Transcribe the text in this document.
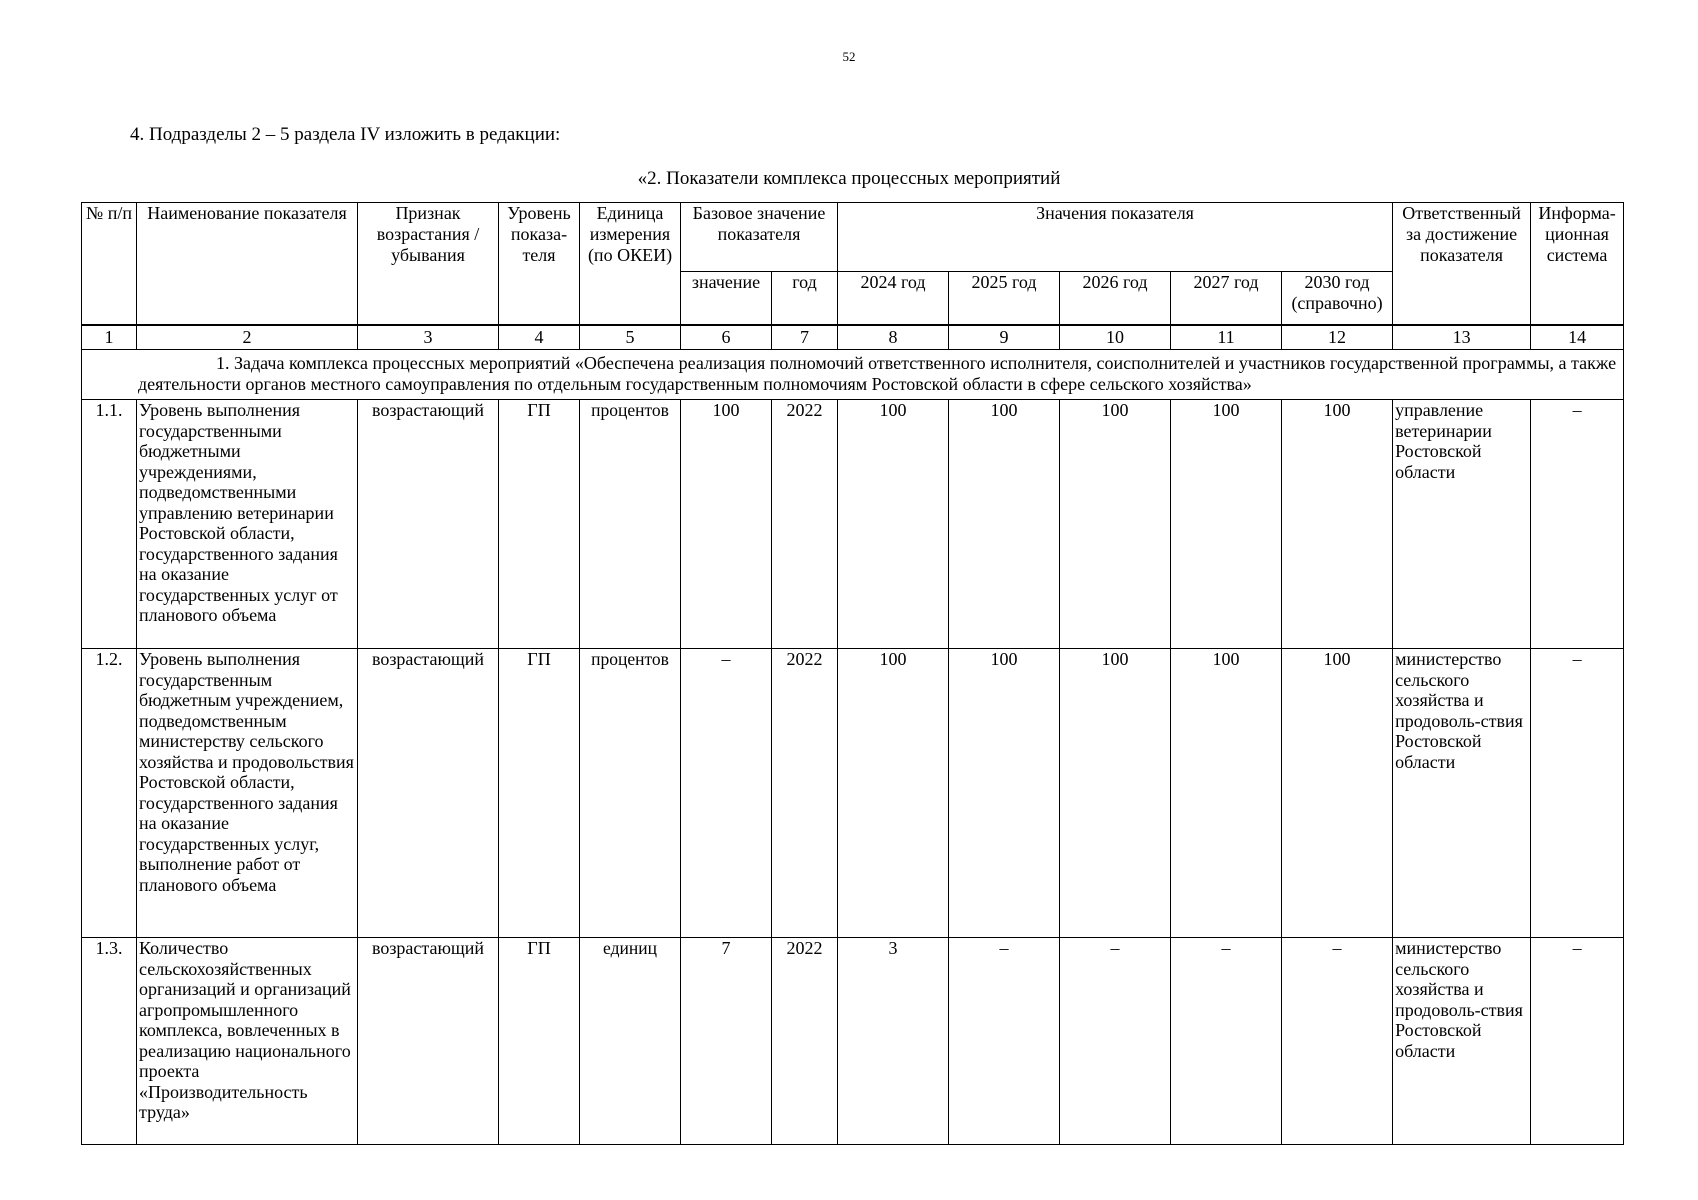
52
4. Подразделы 2 – 5 раздела IV изложить в редакции:
«2. Показатели комплекса процессных мероприятий
№ п/п	Наименование показателя	Признак возрастания / убывания	Уровень показа-теля	Единица измерения (по ОКЕИ)	Базовое значение показателя		Значения показателя					Ответственный за достижение показателя	Информа-ционная система
					значение	год	2024 год	2025 год	2026 год	2027 год	2030 год (справочно)		
1	2	3	4	5	6	7	8	9	10	11	12	13	14
1. Задача комплекса процессных мероприятий «Обеспечена реализация полномочий ответственного исполнителя, соисполнителей и участников государственной программы, а также деятельности органов местного самоуправления по отдельным государственным полномочиям Ростовской области в сфере сельского хозяйства»													
1.1.	Уровень выполнения государственными бюджетными учреждениями, подведомственными управлению ветеринарии Ростовской области, государственного задания на оказание государственных услуг от планового объема	возрастающий	ГП	процентов	100	2022	100	100	100	100	100	управление ветеринарии Ростовской области	–
1.2.	Уровень выполнения государственным бюджетным учреждением, подведомственным министерству сельского хозяйства и продовольствия Ростовской области, государственного задания на оказание государственных услуг, выполнение работ от планового объема	возрастающий	ГП	процентов	–	2022	100	100	100	100	100	министерство сельского хозяйства и продоволь-ствия Ростовской области	–
1.3.	Количество сельскохозяйственных организаций и организаций агропромышленного комплекса, вовлеченных в реализацию национального проекта «Производительность труда»	возрастающий	ГП	единиц	7	2022	3	–	–	–	–	министерство сельского хозяйства и продоволь-ствия Ростовской области	–
